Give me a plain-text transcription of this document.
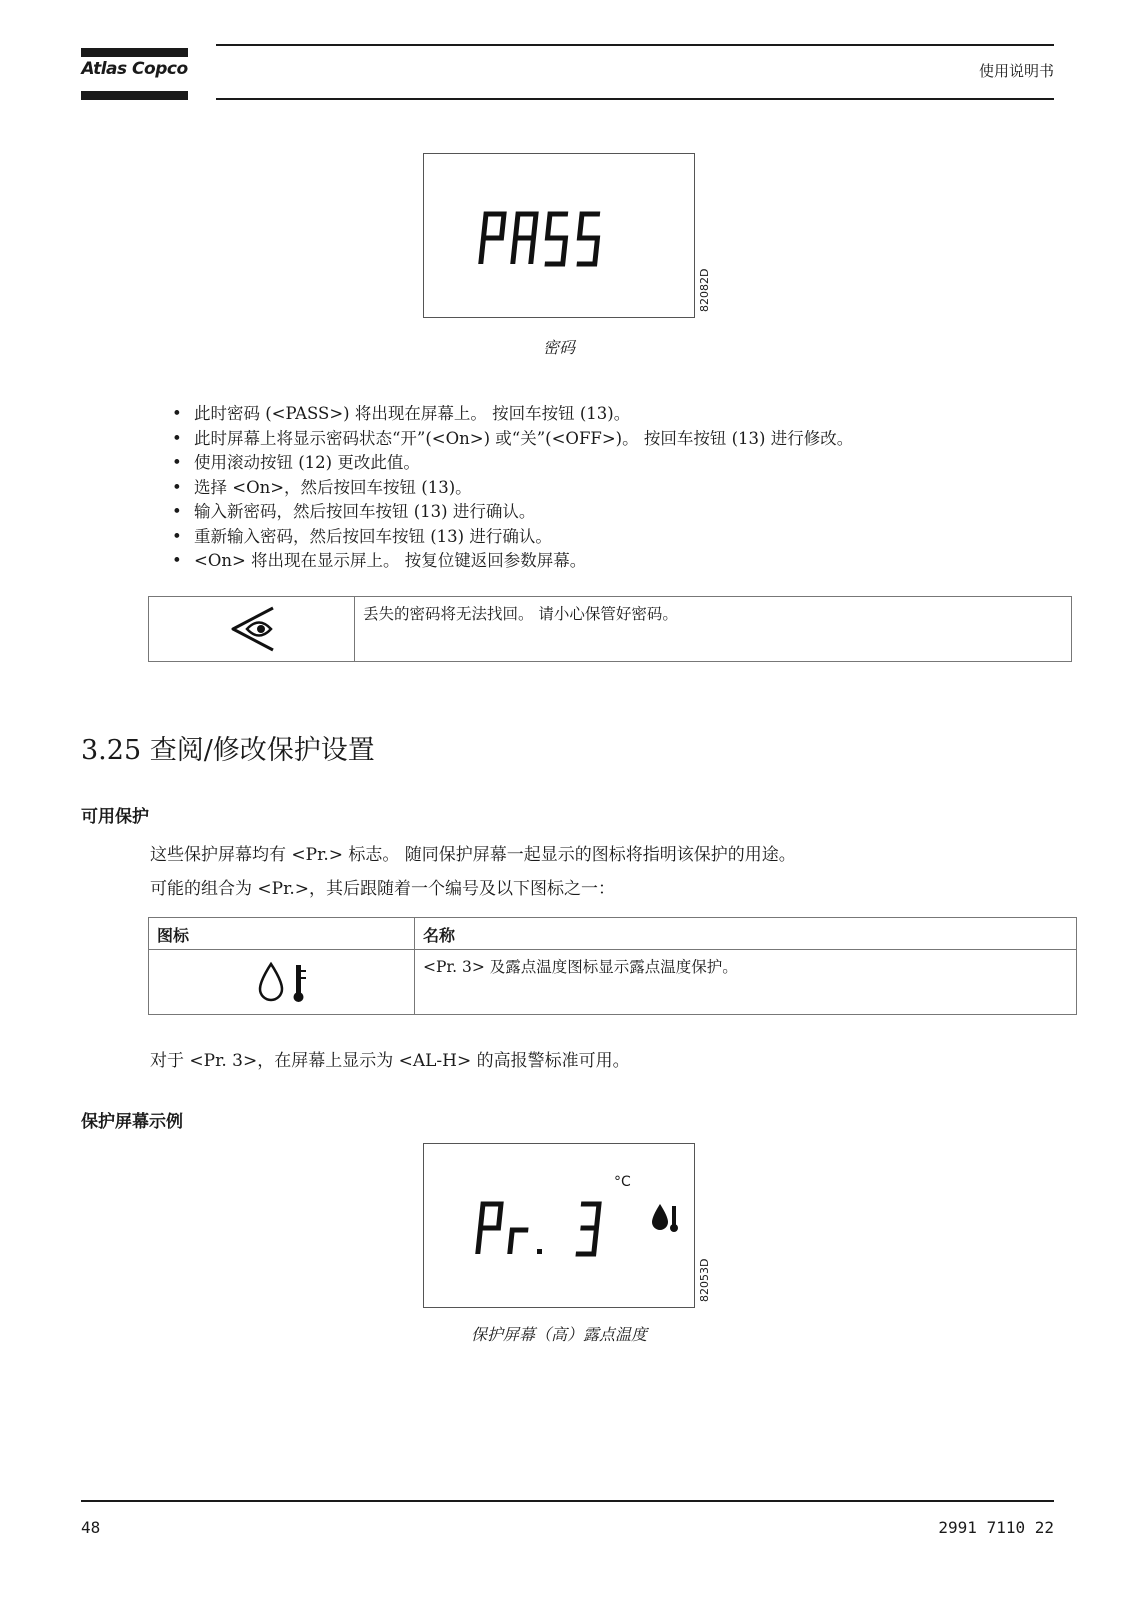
Atlas Copco	使用说明书
82082D
密码
• 此时密码 (<PASS>) 将出现在屏幕上。 按回车按钮 (13)。
• 此时屏幕上将显示密码状态“开”(<On>) 或“关”(<OFF>)。 按回车按钮 (13) 进行修改。
• 使用滚动按钮 (12) 更改此值。
• 选择 <On>，然后按回车按钮 (13)。
• 输入新密码，然后按回车按钮 (13) 进行确认。
• 重新输入密码，然后按回车按钮 (13) 进行确认。
• <On> 将出现在显示屏上。 按复位键返回参数屏幕。
丢失的密码将无法找回。 请小心保管好密码。
3.25 查阅/修改保护设置
可用保护
这些保护屏幕均有 <Pr.> 标志。 随同保护屏幕一起显示的图标将指明该保护的用途。
可能的组合为 <Pr.>，其后跟随着一个编号及以下图标之一：
图标	名称
<Pr. 3> 及露点温度图标显示露点温度保护。
对于 <Pr. 3>，在屏幕上显示为 <AL-H> 的高报警标准可用。
保护屏幕示例
°C
82053D
保护屏幕（高）露点温度
48	2991 7110 22
